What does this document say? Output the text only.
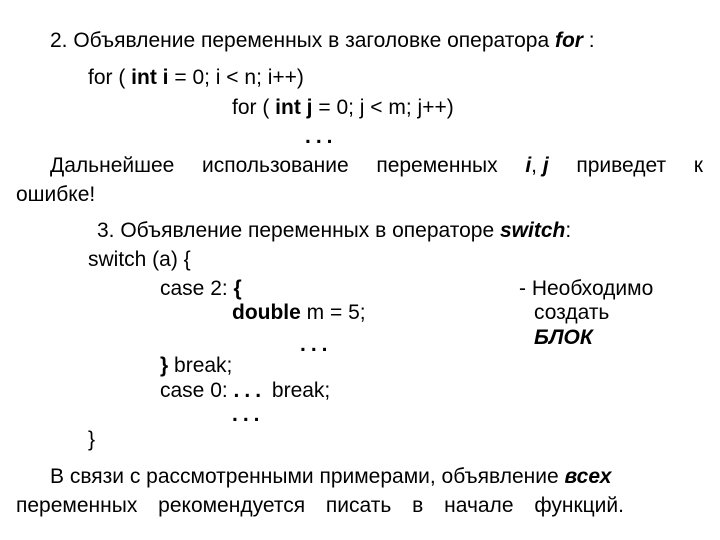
2. Объявление переменных в заголовке оператора for :
for ( int i = 0; i < n; i++)
for ( int j = 0; j < m; j++)
...
Дальнейшее использование переменных i, j приведет к
ошибке!
3. Объявление переменных в операторе switch:
switch (a) {
case 2: {
double m = 5;
...
} break;
case 0: ... break;
...
}
- Необходимо
создать
БЛОК
В связи с рассмотренными примерами, объявление всех
переменных рекомендуется писать в начале функций.
